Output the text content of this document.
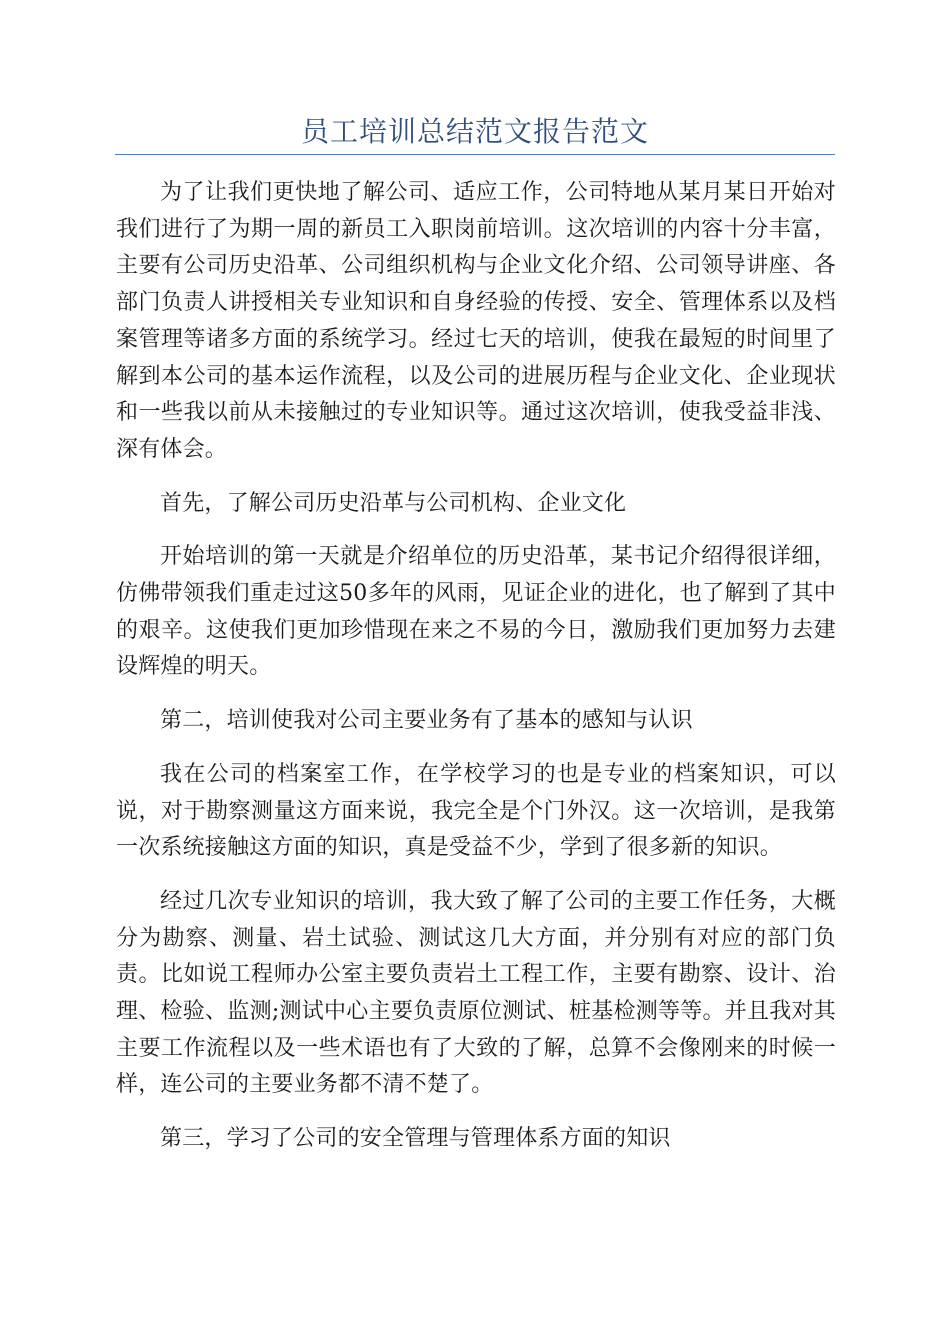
员工培训总结范文报告范文

为了让我们更快地了解公司、适应工作，公司特地从某月某日开始对我们进行了为期一周的新员工入职岗前培训。这次培训的内容十分丰富，主要有公司历史沿革、公司组织机构与企业文化介绍、公司领导讲座、各部门负责人讲授相关专业知识和自身经验的传授、安全、管理体系以及档案管理等诸多方面的系统学习。经过七天的培训，使我在最短的时间里了解到本公司的基本运作流程，以及公司的进展历程与企业文化、企业现状和一些我以前从未接触过的专业知识等。通过这次培训，使我受益非浅、深有体会。

首先，了解公司历史沿革与公司机构、企业文化

开始培训的第一天就是介绍单位的历史沿革，某书记介绍得很详细，仿佛带领我们重走过这50多年的风雨，见证企业的进化，也了解到了其中的艰辛。这使我们更加珍惜现在来之不易的今日，激励我们更加努力去建设辉煌的明天。

第二，培训使我对公司主要业务有了基本的感知与认识

我在公司的档案室工作，在学校学习的也是专业的档案知识，可以说，对于勘察测量这方面来说，我完全是个门外汉。这一次培训，是我第一次系统接触这方面的知识，真是受益不少，学到了很多新的知识。

经过几次专业知识的培训，我大致了解了公司的主要工作任务，大概分为勘察、测量、岩土试验、测试这几大方面，并分别有对应的部门负责。比如说工程师办公室主要负责岩土工程工作，主要有勘察、设计、治理、检验、监测;测试中心主要负责原位测试、桩基检测等等。并且我对其主要工作流程以及一些术语也有了大致的了解，总算不会像刚来的时候一样，连公司的主要业务都不清不楚了。

第三，学习了公司的安全管理与管理体系方面的知识
